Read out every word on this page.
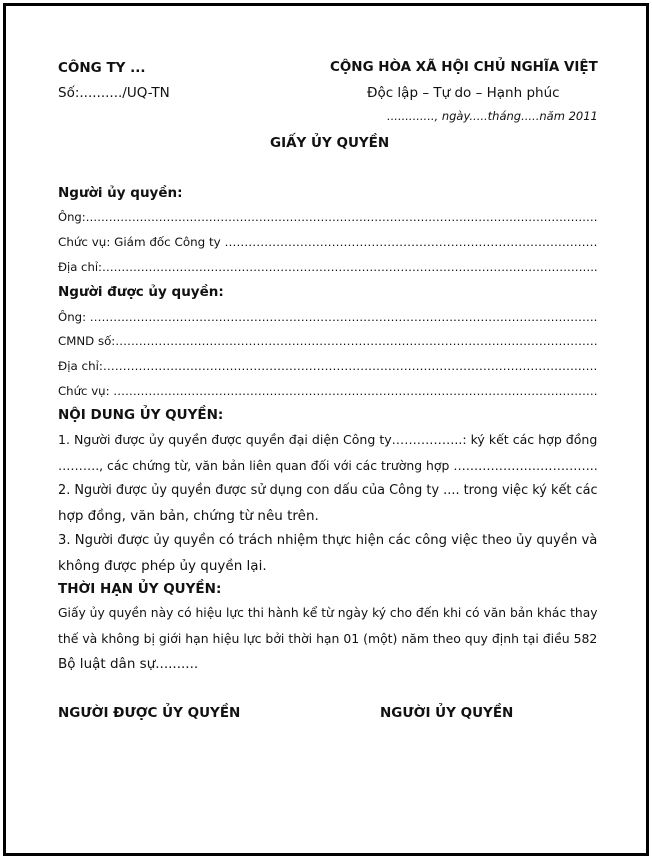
CÔNG TY ...
Số:........../UQ-TN
CỘNG HÒA XÃ HỘI CHỦ NGHĨA VIỆT
Độc lập – Tự do – Hạnh phúc
............., ngày.....tháng.....năm 2011
GIẤY ỦY QUYỀN
Người ủy quyền:
Ông:…………………………………………………………………………………………………………………….
Chức vụ: Giám đốc Công ty ………………………………………………………………………………….
Địa chỉ:………………………………………………………………………………………………………………..
Người được ủy quyền:
Ông: ………………………………………………………………………………………………………………….
CMND số:……………………………………………………………………………………………………………
Địa chỉ:………………………………………………………………………………………………………….….
Chức vụ: …………………………………………………………………………………………………………….
NỘI DUNG ỦY QUYỀN:
1. Người được ủy quyền được quyền đại diện Công ty……………..: ký kết các hợp đồng
………., các chứng từ, văn bản liên quan đối với các trường hợp ……………………………..
2. Người được ủy quyền được sử dụng con dấu của Công ty .... trong việc ký kết các
hợp đồng, văn bản, chứng từ nêu trên.
3. Người được ủy quyền có trách nhiệm thực hiện các công việc theo ủy quyền và
không được phép ủy quyền lại.
THỜI HẠN ỦY QUYỀN:
Giấy ủy quyền này có hiệu lực thi hành kể từ ngày ký cho đến khi có văn bản khác thay
thế và không bị giới hạn hiệu lực bởi thời hạn 01 (một) năm theo quy định tại điều 582
Bộ luật dân sự..........
NGƯỜI ĐƯỢC ỦY QUYỀN	NGƯỜI ỦY QUYỀN
